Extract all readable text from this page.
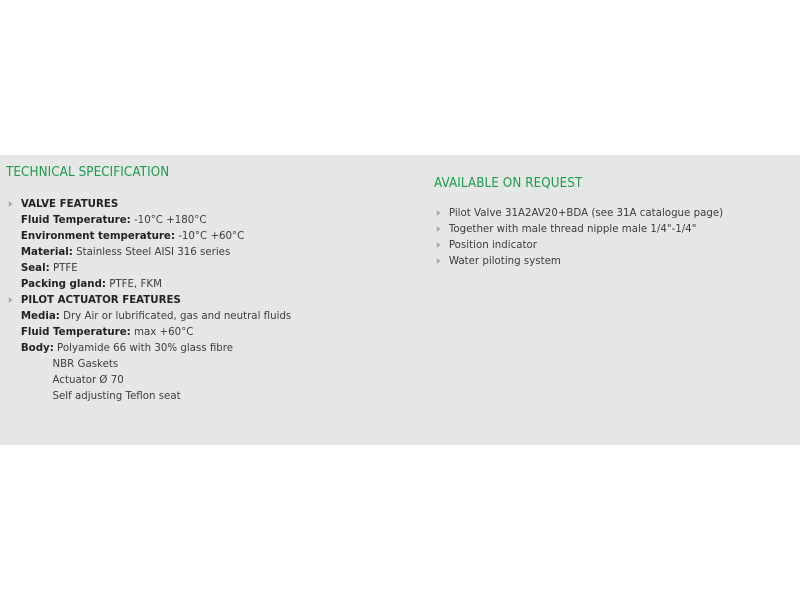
TECHNICAL SPECIFICATION
VALVE FEATURES
Fluid Temperature: -10°C +180°C
Environment temperature: -10°C +60°C
Material: Stainless Steel AISI 316 series
Seal: PTFE
Packing gland: PTFE, FKM
PILOT ACTUATOR FEATURES
Media: Dry Air or lubrificated, gas and neutral fluids
Fluid Temperature: max +60°C
Body: Polyamide 66 with 30% glass fibre
NBR Gaskets
Actuator Ø 70
Self adjusting Teflon seat
AVAILABLE ON REQUEST
Pilot Valve 31A2AV20+BDA (see 31A catalogue page)
Together with male thread nipple male 1/4"-1/4"
Position indicator
Water piloting system
